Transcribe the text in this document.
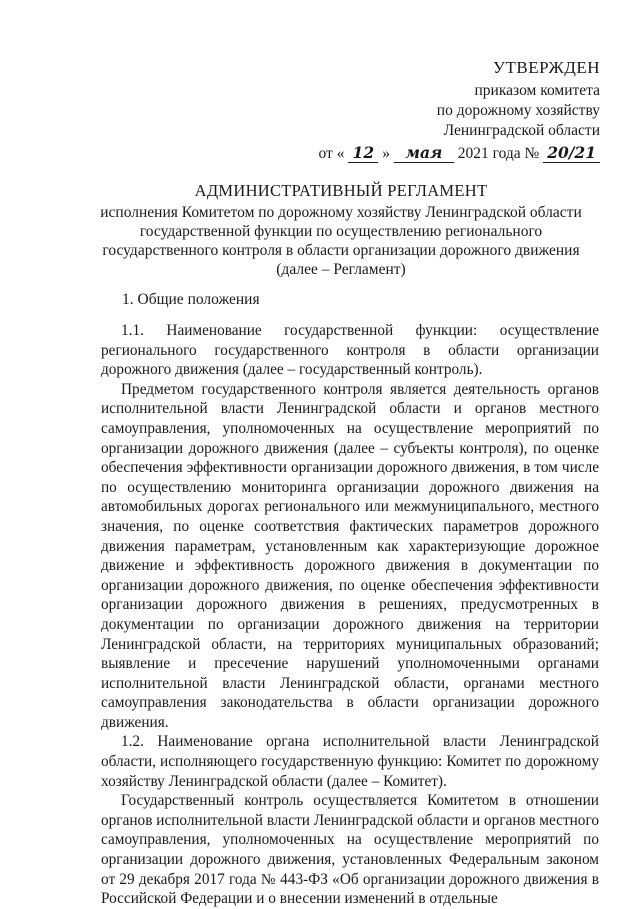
УТВЕРЖДЕН
приказом комитета
по дорожному хозяйству
Ленинградской области
от « 12 » мая 2021 года № 20/21
АДМИНИСТРАТИВНЫЙ РЕГЛАМЕНТ
исполнения Комитетом по дорожному хозяйству Ленинградской области
государственной функции по осуществлению регионального
государственного контроля в области организации дорожного движения
(далее – Регламент)
1. Общие положения

1.1. Наименование государственной функции: осуществление регионального государственного контроля в области организации дорожного движения (далее – государственный контроль).

Предметом государственного контроля является деятельность органов исполнительной власти Ленинградской области и органов местного самоуправления, уполномоченных на осуществление мероприятий по организации дорожного движения (далее – субъекты контроля), по оценке обеспечения эффективности организации дорожного движения, в том числе по осуществлению мониторинга организации дорожного движения на автомобильных дорогах регионального или межмуниципального, местного значения, по оценке соответствия фактических параметров дорожного движения параметрам, установленным как характеризующие дорожное движение и эффективность дорожного движения в документации по организации дорожного движения, по оценке обеспечения эффективности организации дорожного движения в решениях, предусмотренных в документации по организации дорожного движения на территории Ленинградской области, на территориях муниципальных образований; выявление и пресечение нарушений уполномоченными органами исполнительной власти Ленинградской области, органами местного самоуправления законодательства в области организации дорожного движения.

1.2. Наименование органа исполнительной власти Ленинградской области, исполняющего государственную функцию: Комитет по дорожному хозяйству Ленинградской области (далее – Комитет).

Государственный контроль осуществляется Комитетом в отношении органов исполнительной власти Ленинградской области и органов местного самоуправления, уполномоченных на осуществление мероприятий по организации дорожного движения, установленных Федеральным законом от 29 декабря 2017 года № 443-ФЗ «Об организации дорожного движения в Российской Федерации и о внесении изменений в отдельные
